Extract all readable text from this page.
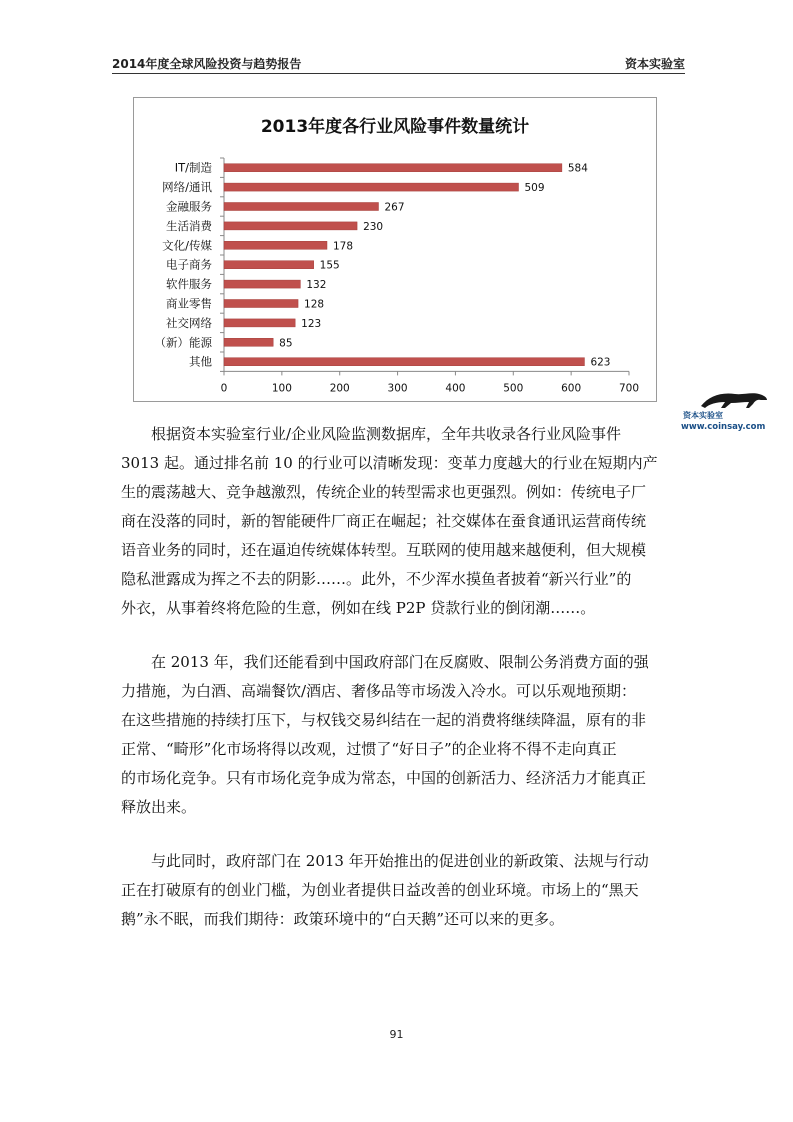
2014年度全球风险投资与趋势报告	资本实验室
2013年度各行业风险事件数量统计
0	100	200	300	400	500	600	700
IT/制造	584
网络/通讯	509
金融服务	267
生活消费	230
文化/传媒	178
电子商务	155
软件服务	132
商业零售	128
社交网络	123
（新）能源	85
其他	623
资本实验室
www.coinsay.com
　　根据资本实验室行业/企业风险监测数据库，全年共收录各行业风险事件
3013 起。通过排名前 10 的行业可以清晰发现：变革力度越大的行业在短期内产
生的震荡越大、竞争越激烈，传统企业的转型需求也更强烈。例如：传统电子厂
商在没落的同时，新的智能硬件厂商正在崛起；社交媒体在蚕食通讯运营商传统
语音业务的同时，还在逼迫传统媒体转型。互联网的使用越来越便利，但大规模
隐私泄露成为挥之不去的阴影……。此外，不少浑水摸鱼者披着“新兴行业”的
外衣，从事着终将危险的生意，例如在线 P2P 贷款行业的倒闭潮……。
　　在 2013 年，我们还能看到中国政府部门在反腐败、限制公务消费方面的强
力措施，为白酒、高端餐饮/酒店、奢侈品等市场泼入冷水。可以乐观地预期：
在这些措施的持续打压下，与权钱交易纠结在一起的消费将继续降温，原有的非
正常、“畸形”化市场将得以改观，过惯了“好日子”的企业将不得不走向真正
的市场化竞争。只有市场化竞争成为常态，中国的创新活力、经济活力才能真正
释放出来。
　　与此同时，政府部门在 2013 年开始推出的促进创业的新政策、法规与行动
正在打破原有的创业门槛，为创业者提供日益改善的创业环境。市场上的“黑天
鹅”永不眠，而我们期待：政策环境中的“白天鹅”还可以来的更多。
91
